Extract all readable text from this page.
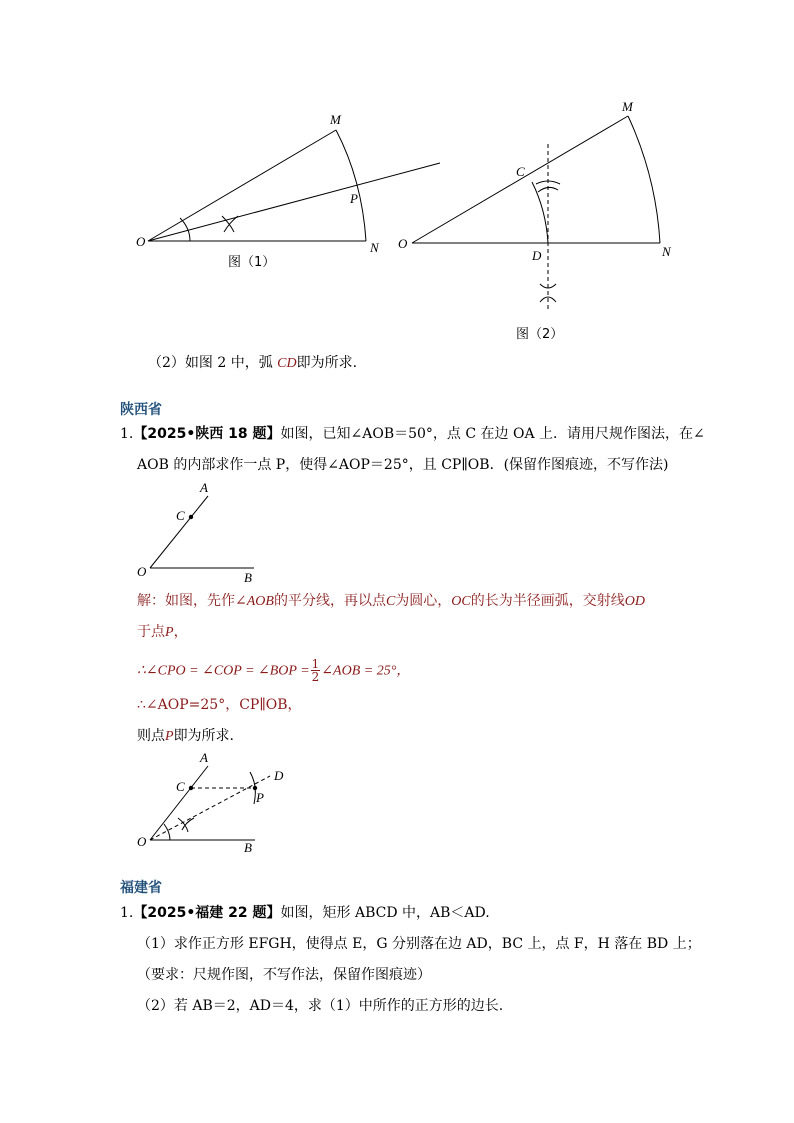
O
M
P
N
图（1）
O
M
C
D	N
图（2）
（2）如图 2 中，弧 CD即为所求.
陕西省
1.【2025•陕西 18 题】如图，已知∠AOB＝50°，点 C 在边 OA 上．请用尺规作图法，在∠
AOB 的内部求作一点 P，使得∠AOP＝25°，且 CP∥OB．(保留作图痕迹，不写作法)
A
C
O	B
解：如图，先作∠AOB的平分线，再以点C为圆心，OC的长为半径画弧，交射线OD
于点P，
∴∠CPO = ∠COP = ∠BOP = $\frac{1}{2}$ ∠AOB = 25°，
∴∠AOP=25°，CP∥OB，
则点P即为所求.
A
C
D
P
O	B
福建省
1.【2025•福建 22 题】如图，矩形 ABCD 中，AB＜AD.
（1）求作正方形 EFGH，使得点 E，G 分别落在边 AD，BC 上，点 F，H 落在 BD 上；
（要求：尺规作图，不写作法，保留作图痕迹）
（2）若 AB＝2，AD＝4，求（1）中所作的正方形的边长.
